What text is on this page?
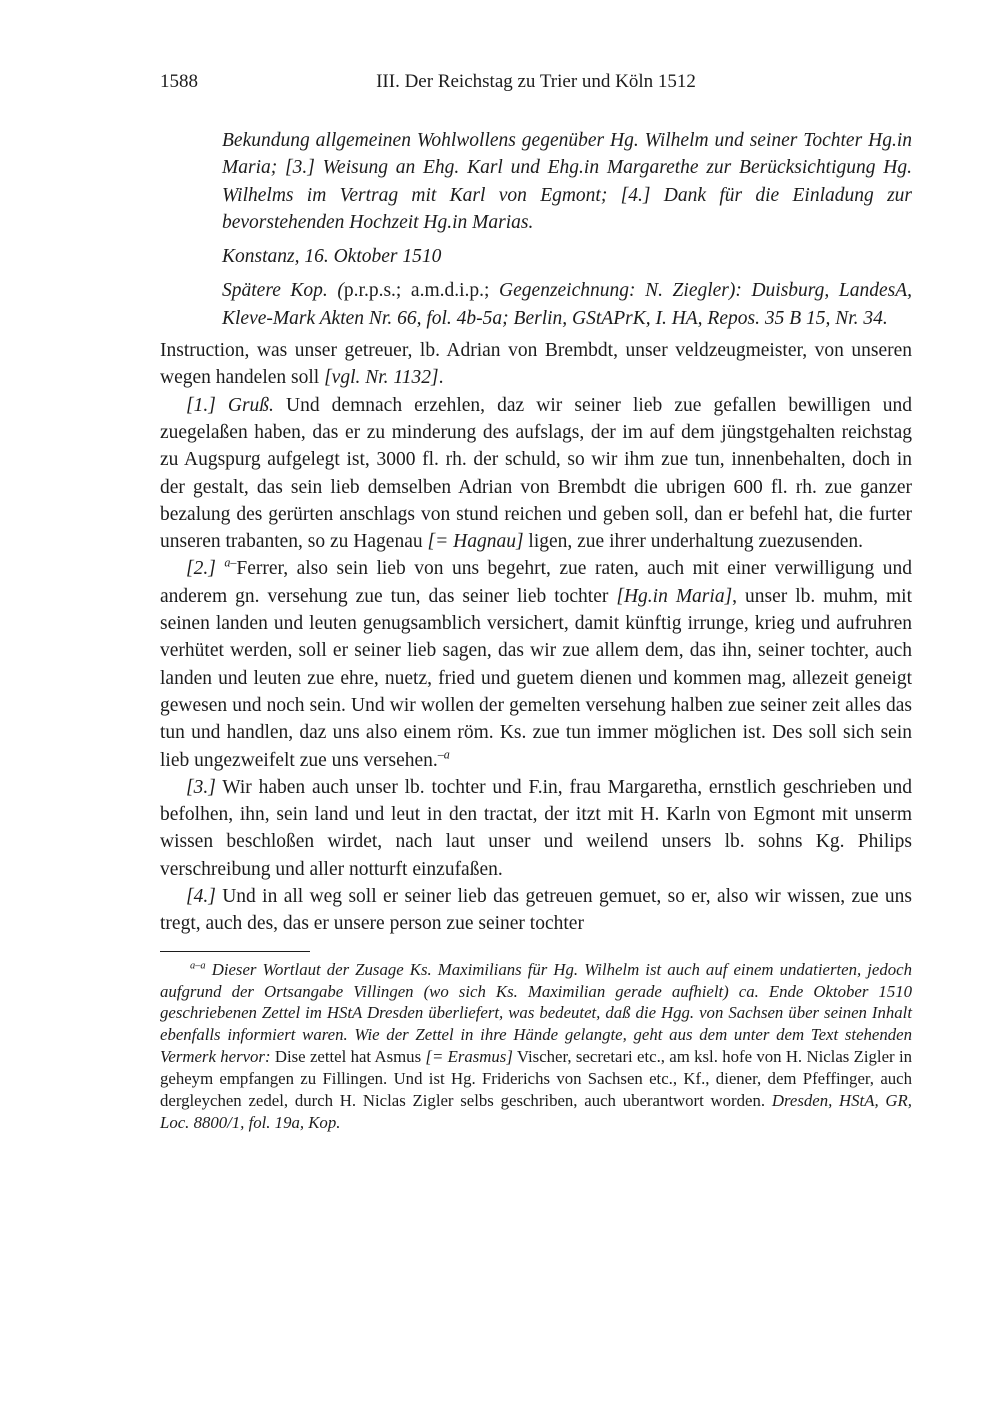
1588	III. Der Reichstag zu Trier und Köln 1512

Bekundung allgemeinen Wohlwollens gegenüber Hg. Wilhelm und seiner Tochter Hg.in Maria; [3.] Weisung an Ehg. Karl und Ehg.in Margarethe zur Berücksichtigung Hg. Wilhelms im Vertrag mit Karl von Egmont; [4.] Dank für die Einladung zur bevorstehenden Hochzeit Hg.in Marias.

Konstanz, 16. Oktober 1510

Spätere Kop. (p.r.p.s.; a.m.d.i.p.; Gegenzeichnung: N. Ziegler): Duisburg, LandesA, Kleve-Mark Akten Nr. 66, fol. 4b-5a; Berlin, GStAPrK, I. HA, Repos. 35 B 15, Nr. 34.

Instruction, was unser getreuer, lb. Adrian von Brembdt, unser veldzeugmeister, von unseren wegen handelen soll [vgl. Nr. 1132].

[1.] Gruß. Und demnach erzehlen, daz wir seiner lieb zue gefallen bewilligen und zuegelaßen haben, das er zu minderung des aufslags, der im auf dem jüngstgehalten reichstag zu Augspurg aufgelegt ist, 3000 fl. rh. der schuld, so wir ihm zue tun, innenbehalten, doch in der gestalt, das sein lieb demselben Adrian von Brembdt die ubrigen 600 fl. rh. zue ganzer bezalung des gerürten anschlags von stund reichen und geben soll, dan er befehl hat, die furter unseren trabanten, so zu Hagenau [= Hagnau] ligen, zue ihrer underhaltung zuezusenden.

[2.] $^{a-}$Ferrer, also sein lieb von uns begehrt, zue raten, auch mit einer verwilligung und anderem gn. versehung zue tun, das seiner lieb tochter [Hg.in Maria], unser lb. muhm, mit seinen landen und leuten genugsamblich versichert, damit künftig irrunge, krieg und aufruhren verhütet werden, soll er seiner lieb sagen, das wir zue allem dem, das ihn, seiner tochter, auch landen und leuten zue ehre, nuetz, fried und guetem dienen und kommen mag, allezeit geneigt gewesen und noch sein. Und wir wollen der gemelten versehung halben zue seiner zeit alles das tun und handlen, daz uns also einem röm. Ks. zue tun immer möglichen ist. Des soll sich sein lieb ungezweifelt zue uns versehen.$^{-a}$

[3.] Wir haben auch unser lb. tochter und F.in, frau Margaretha, ernstlich geschrieben und befolhen, ihn, sein land und leut in den tractat, der itzt mit H. Karln von Egmont mit unserm wissen beschloßen wirdet, nach laut unser und weilend unsers lb. sohns Kg. Philips verschreibung und aller notturft einzufaßen.

[4.] Und in all weg soll er seiner lieb das getreuen gemuet, so er, also wir wissen, zue uns tregt, auch des, das er unsere person zue seiner tochter

$^{a-a}$ Dieser Wortlaut der Zusage Ks. Maximilians für Hg. Wilhelm ist auch auf einem undatierten, jedoch aufgrund der Ortsangabe Villingen (wo sich Ks. Maximilian gerade aufhielt) ca. Ende Oktober 1510 geschriebenen Zettel im HStA Dresden überliefert, was bedeutet, daß die Hgg. von Sachsen über seinen Inhalt ebenfalls informiert waren. Wie der Zettel in ihre Hände gelangte, geht aus dem unter dem Text stehenden Vermerk hervor: Dise zettel hat Asmus [= Erasmus] Vischer, secretari etc., am ksl. hofe von H. Niclas Zigler in geheym empfangen zu Fillingen. Und ist Hg. Friderichs von Sachsen etc., Kf., diener, dem Pfeffinger, auch dergleychen zedel, durch H. Niclas Zigler selbs geschriben, auch uberantwort worden. Dresden, HStA, GR, Loc. 8800/1, fol. 19a, Kop.
